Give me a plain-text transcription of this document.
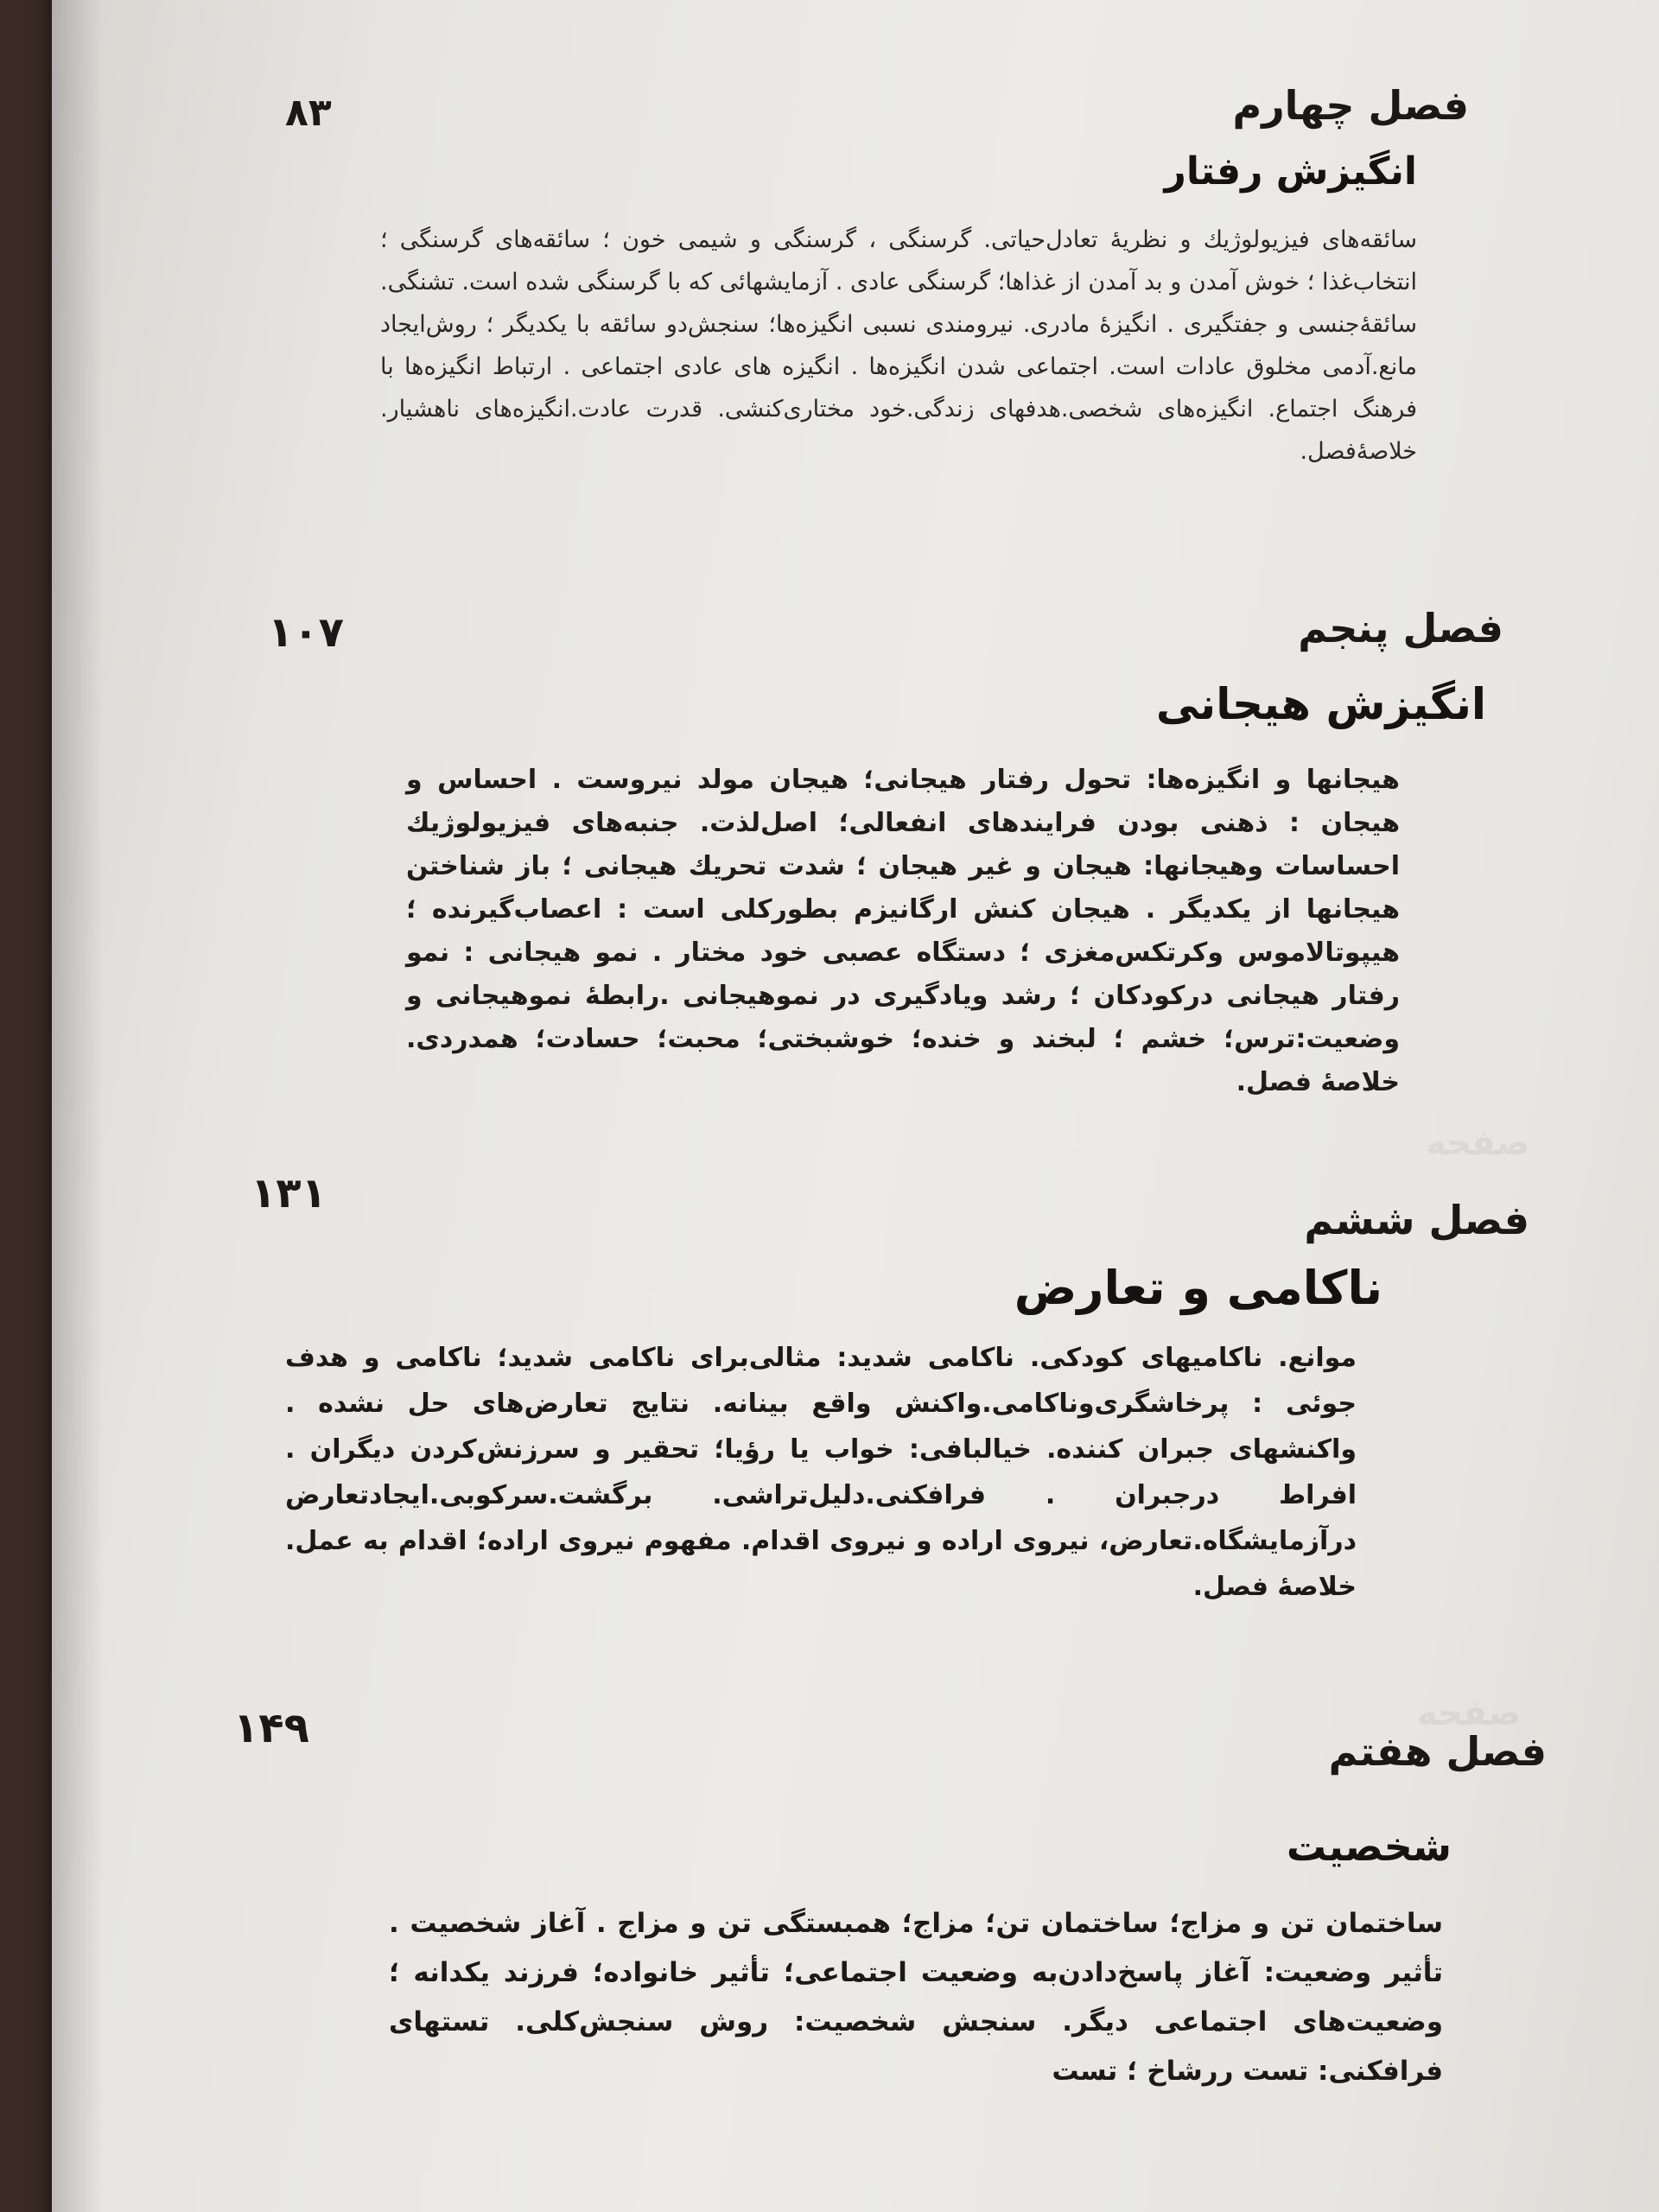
صفحه
صفحه
فصل چهارم
۸۳
انگیزش رفتار
سائقه‌های فیزیولوژیك و نظریهٔ تعادل‌حیاتی. گرسنگی ، گرسنگی و شیمی خون ؛ سائقه‌های گرسنگی ؛ انتخاب‌غذا ؛ خوش آمدن و بد آمدن از غذاها؛ گرسنگی عادی . آزمایشهائی که با گرسنگی شده است. تشنگی. سائقهٔ‌جنسی و جفتگیری . انگیزهٔ مادری. نیرومندی نسبی انگیزه‌ها؛ سنجش‌دو سائقه با یکدیگر ؛ روش‌ایجاد مانع.آدمی مخلوق عادات است. اجتماعی شدن انگیزه‌ها . انگیزه های عادی اجتماعی . ارتباط انگیزه‌ها با فرهنگ اجتماع. انگیزه‌های شخصی.هدفهای زندگی.خود مختاری‌کنشی. قدرت عادت.انگیزه‌های ناهشیار. خلاصهٔ‌فصل.
فصل پنجم
۱۰۷
انگیزش هیجانی
هیجانها و انگیزه‌ها: تحول رفتار هیجانی؛ هیجان مولد نیروست . احساس و هیجان : ذهنی بودن فرایندهای انفعالی؛ اصل‌لذت. جنبه‌های فیزیولوژیك احساسات وهیجانها: هیجان و غیر هیجان ؛ شدت تحریك هیجانی ؛ باز شناختن هیجانها از یکدیگر . هیجان کنش ارگانیزم بطورکلی است : اعصاب‌گیرنده ؛ هیپوتالاموس وکرتکس‌مغزی ؛ دستگاه عصبی خود مختار . نمو هیجانی : نمو رفتار هیجانی درکودکان ؛ رشد ویادگیری در نموهیجانی .رابطهٔ نموهیجانی و وضعیت:ترس؛ خشم ؛ لبخند و خنده؛ خوشبختی؛ محبت؛ حسادت؛ همدردی. خلاصهٔ فصل.
فصل ششم
۱۳۱
ناکامی و تعارض
موانع. ناکامیهای کودکی. ناکامی شدید: مثالی‌برای ناکامی شدید؛ ناکامی و هدف جوئی : پرخاشگری‌وناکامی.واکنش واقع بینانه. نتایج تعارض‌های حل نشده . واکنشهای جبران کننده. خیالبافی: خواب یا رؤیا؛ تحقیر و سرزنش‌کردن دیگران . افراط درجبران . فرافکنی.دلیل‌تراشی. برگشت.سرکوبی.ایجادتعارض درآزمایشگاه.تعارض، نیروی اراده و نیروی اقدام. مفهوم نیروی اراده؛ اقدام به عمل. خلاصهٔ فصل.
فصل هفتم
۱۴۹
شخصیت
ساختمان تن و مزاج؛ ساختمان تن؛ مزاج؛ همبستگی تن و مزاج . آغاز شخصیت . تأثیر وضعیت: آغاز پاسخ‌دادن‌به وضعیت اجتماعی؛ تأثیر خانواده؛ فرزند یکدانه ؛وضعیت‌های اجتماعی دیگر. سنجش شخصیت: روش سنجش‌کلی. تستهای فرافکنی: تست ررشاخ ؛ تست
